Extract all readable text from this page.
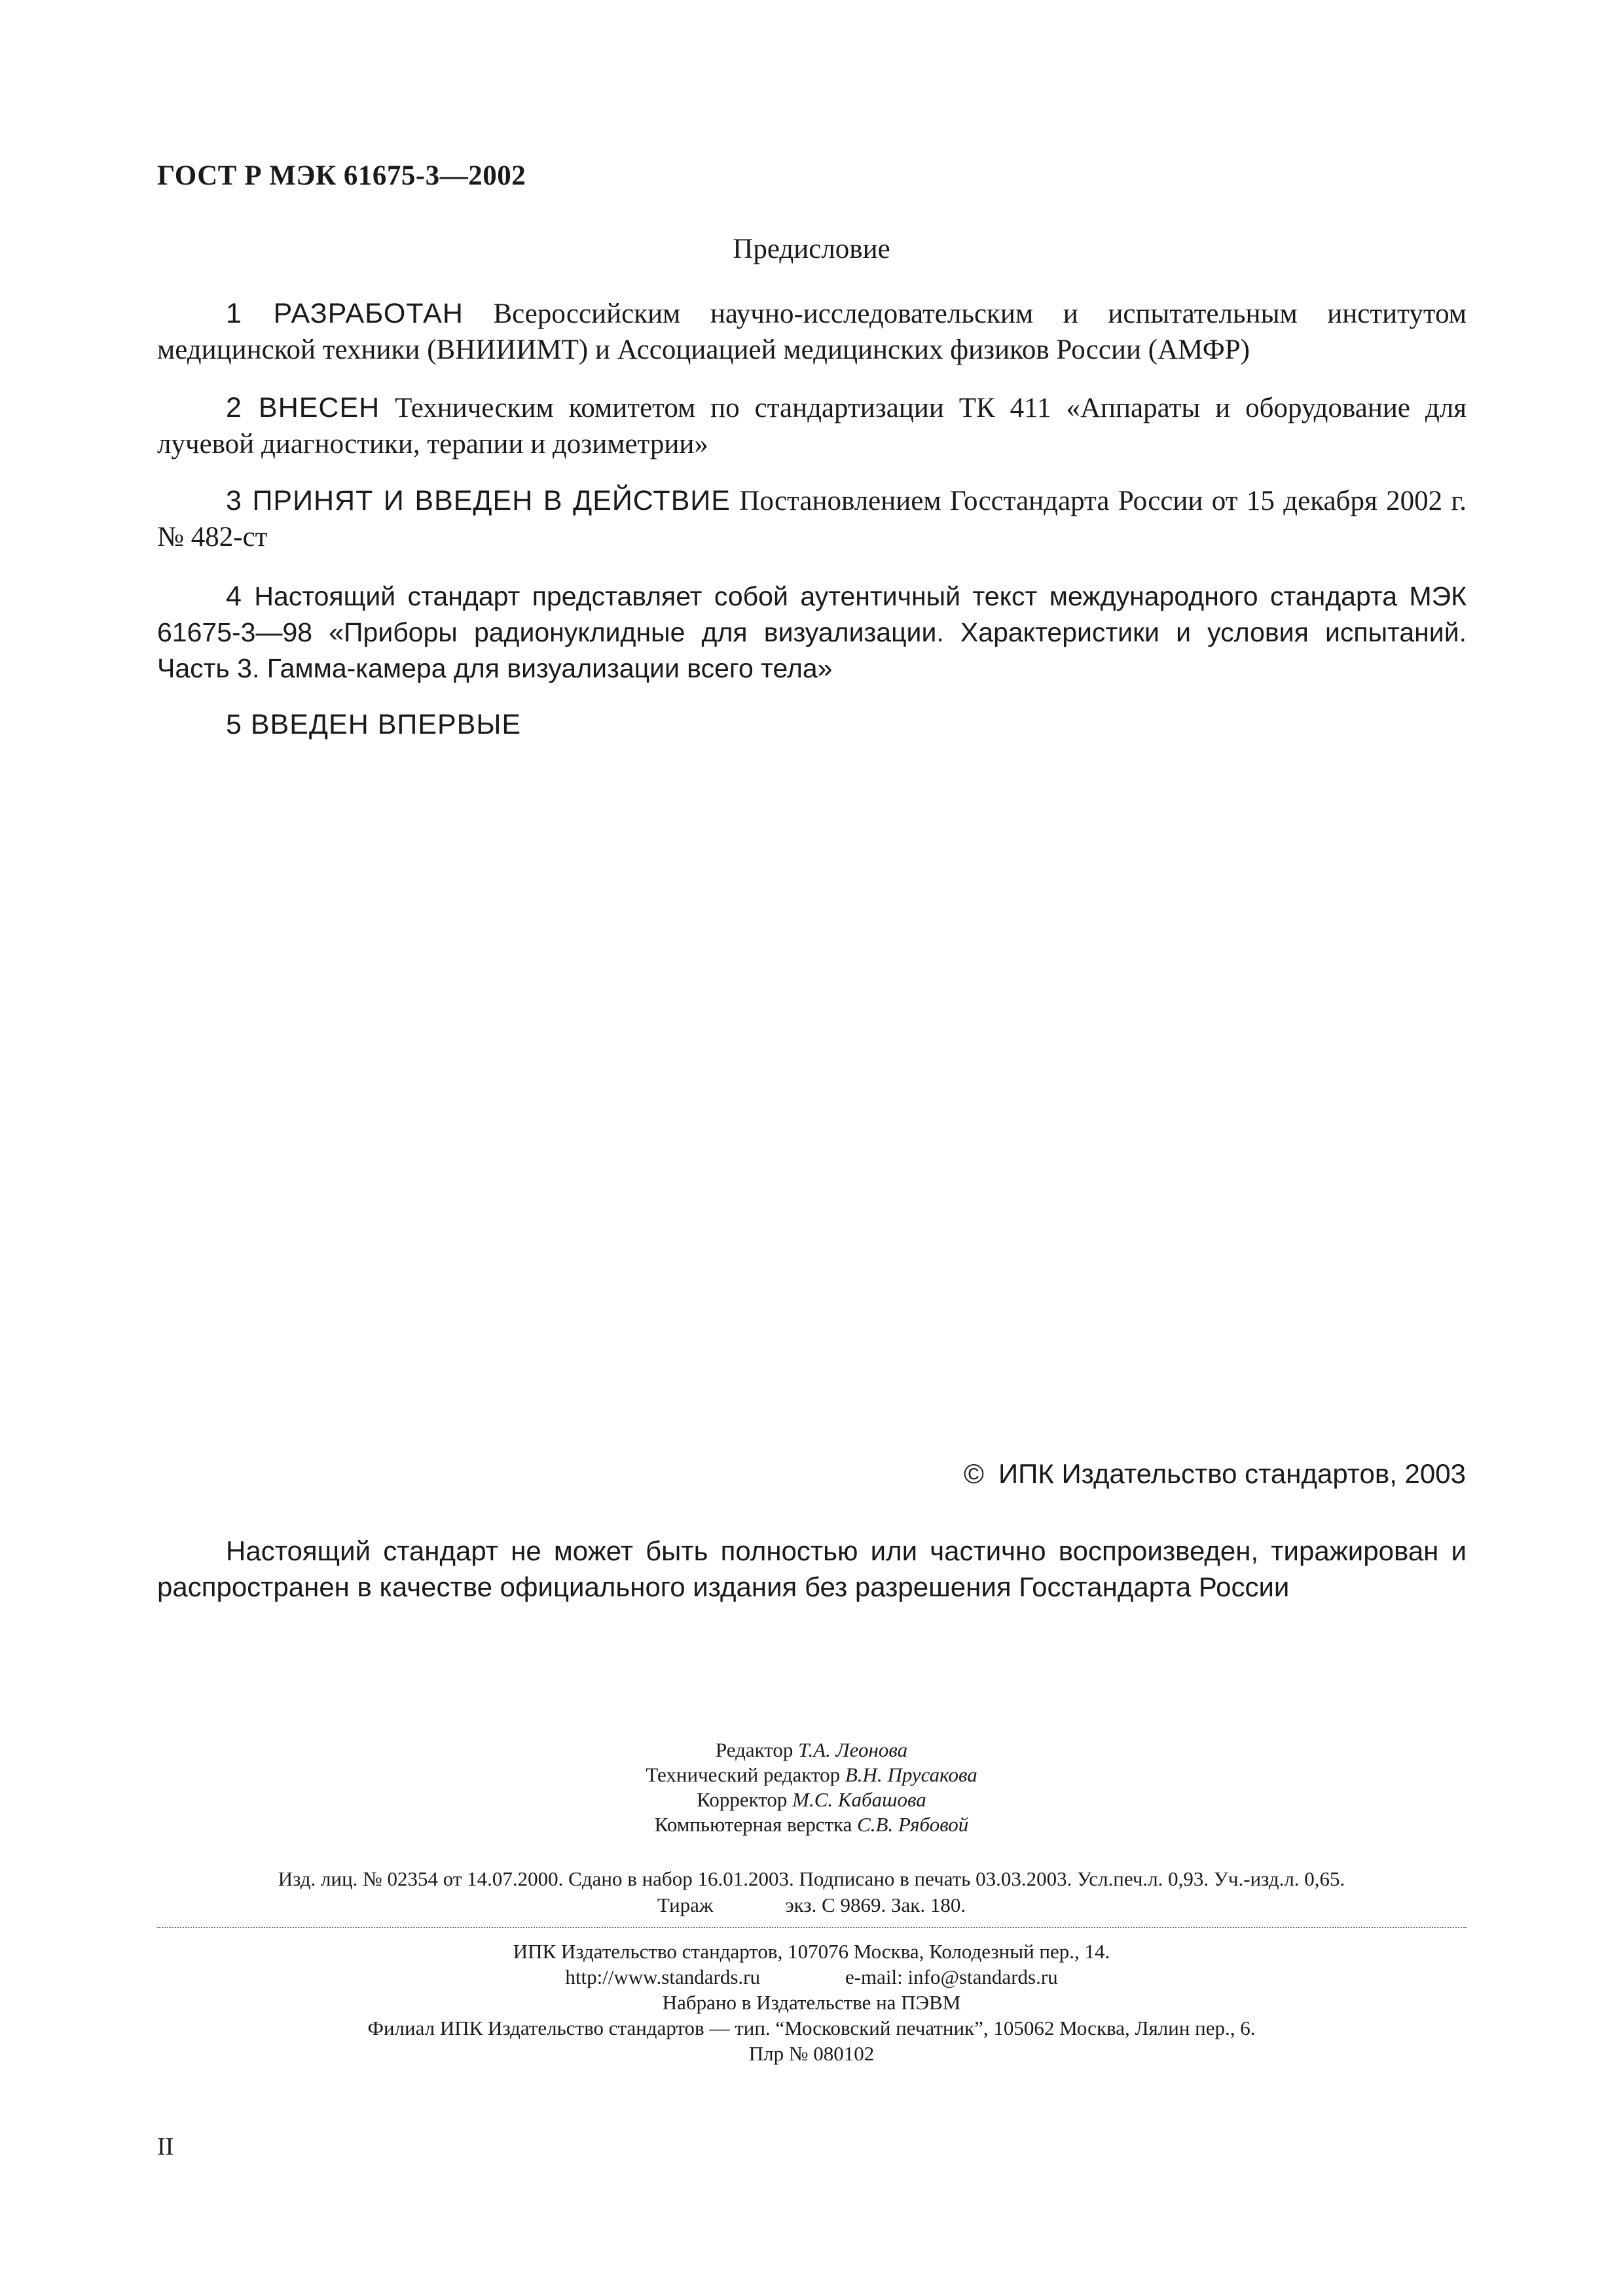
ГОСТ Р МЭК 61675-3—2002
Предисловие
1 РАЗРАБОТАН Всероссийским научно-исследовательским и испытательным институтом медицинской техники (ВНИИИМТ) и Ассоциацией медицинских физиков России (АМФР)
2 ВНЕСЕН Техническим комитетом по стандартизации ТК 411 «Аппараты и оборудование для лучевой диагностики, терапии и дозиметрии»
3 ПРИНЯТ И ВВЕДЕН В ДЕЙСТВИЕ Постановлением Госстандарта России от 15 декабря 2002 г. № 482-ст
4 Настоящий стандарт представляет собой аутентичный текст международного стандарта МЭК 61675-3—98 «Приборы радионуклидные для визуализации. Характеристики и условия испытаний. Часть 3. Гамма-камера для визуализации всего тела»
5 ВВЕДЕН ВПЕРВЫЕ
© ИПК Издательство стандартов, 2003
Настоящий стандарт не может быть полностью или частично воспроизведен, тиражирован и распространен в качестве официального издания без разрешения Госстандарта России
Редактор Т.А. Леонова
Технический редактор В.Н. Прусакова
Корректор М.С. Кабашова
Компьютерная верстка С.В. Рябовой
Изд. лиц. № 02354 от 14.07.2000. Сдано в набор 16.01.2003. Подписано в печать 03.03.2003. Усл.печ.л. 0,93. Уч.-изд.л. 0,65.
Тираж	экз. С 9869. Зак. 180.
ИПК Издательство стандартов, 107076 Москва, Колодезный пер., 14.
http://www.standards.ru	e-mail: info@standards.ru
Набрано в Издательстве на ПЭВМ
Филиал ИПК Издательство стандартов — тип. “Московский печатник”, 105062 Москва, Лялин пер., 6.
Плр № 080102
II
